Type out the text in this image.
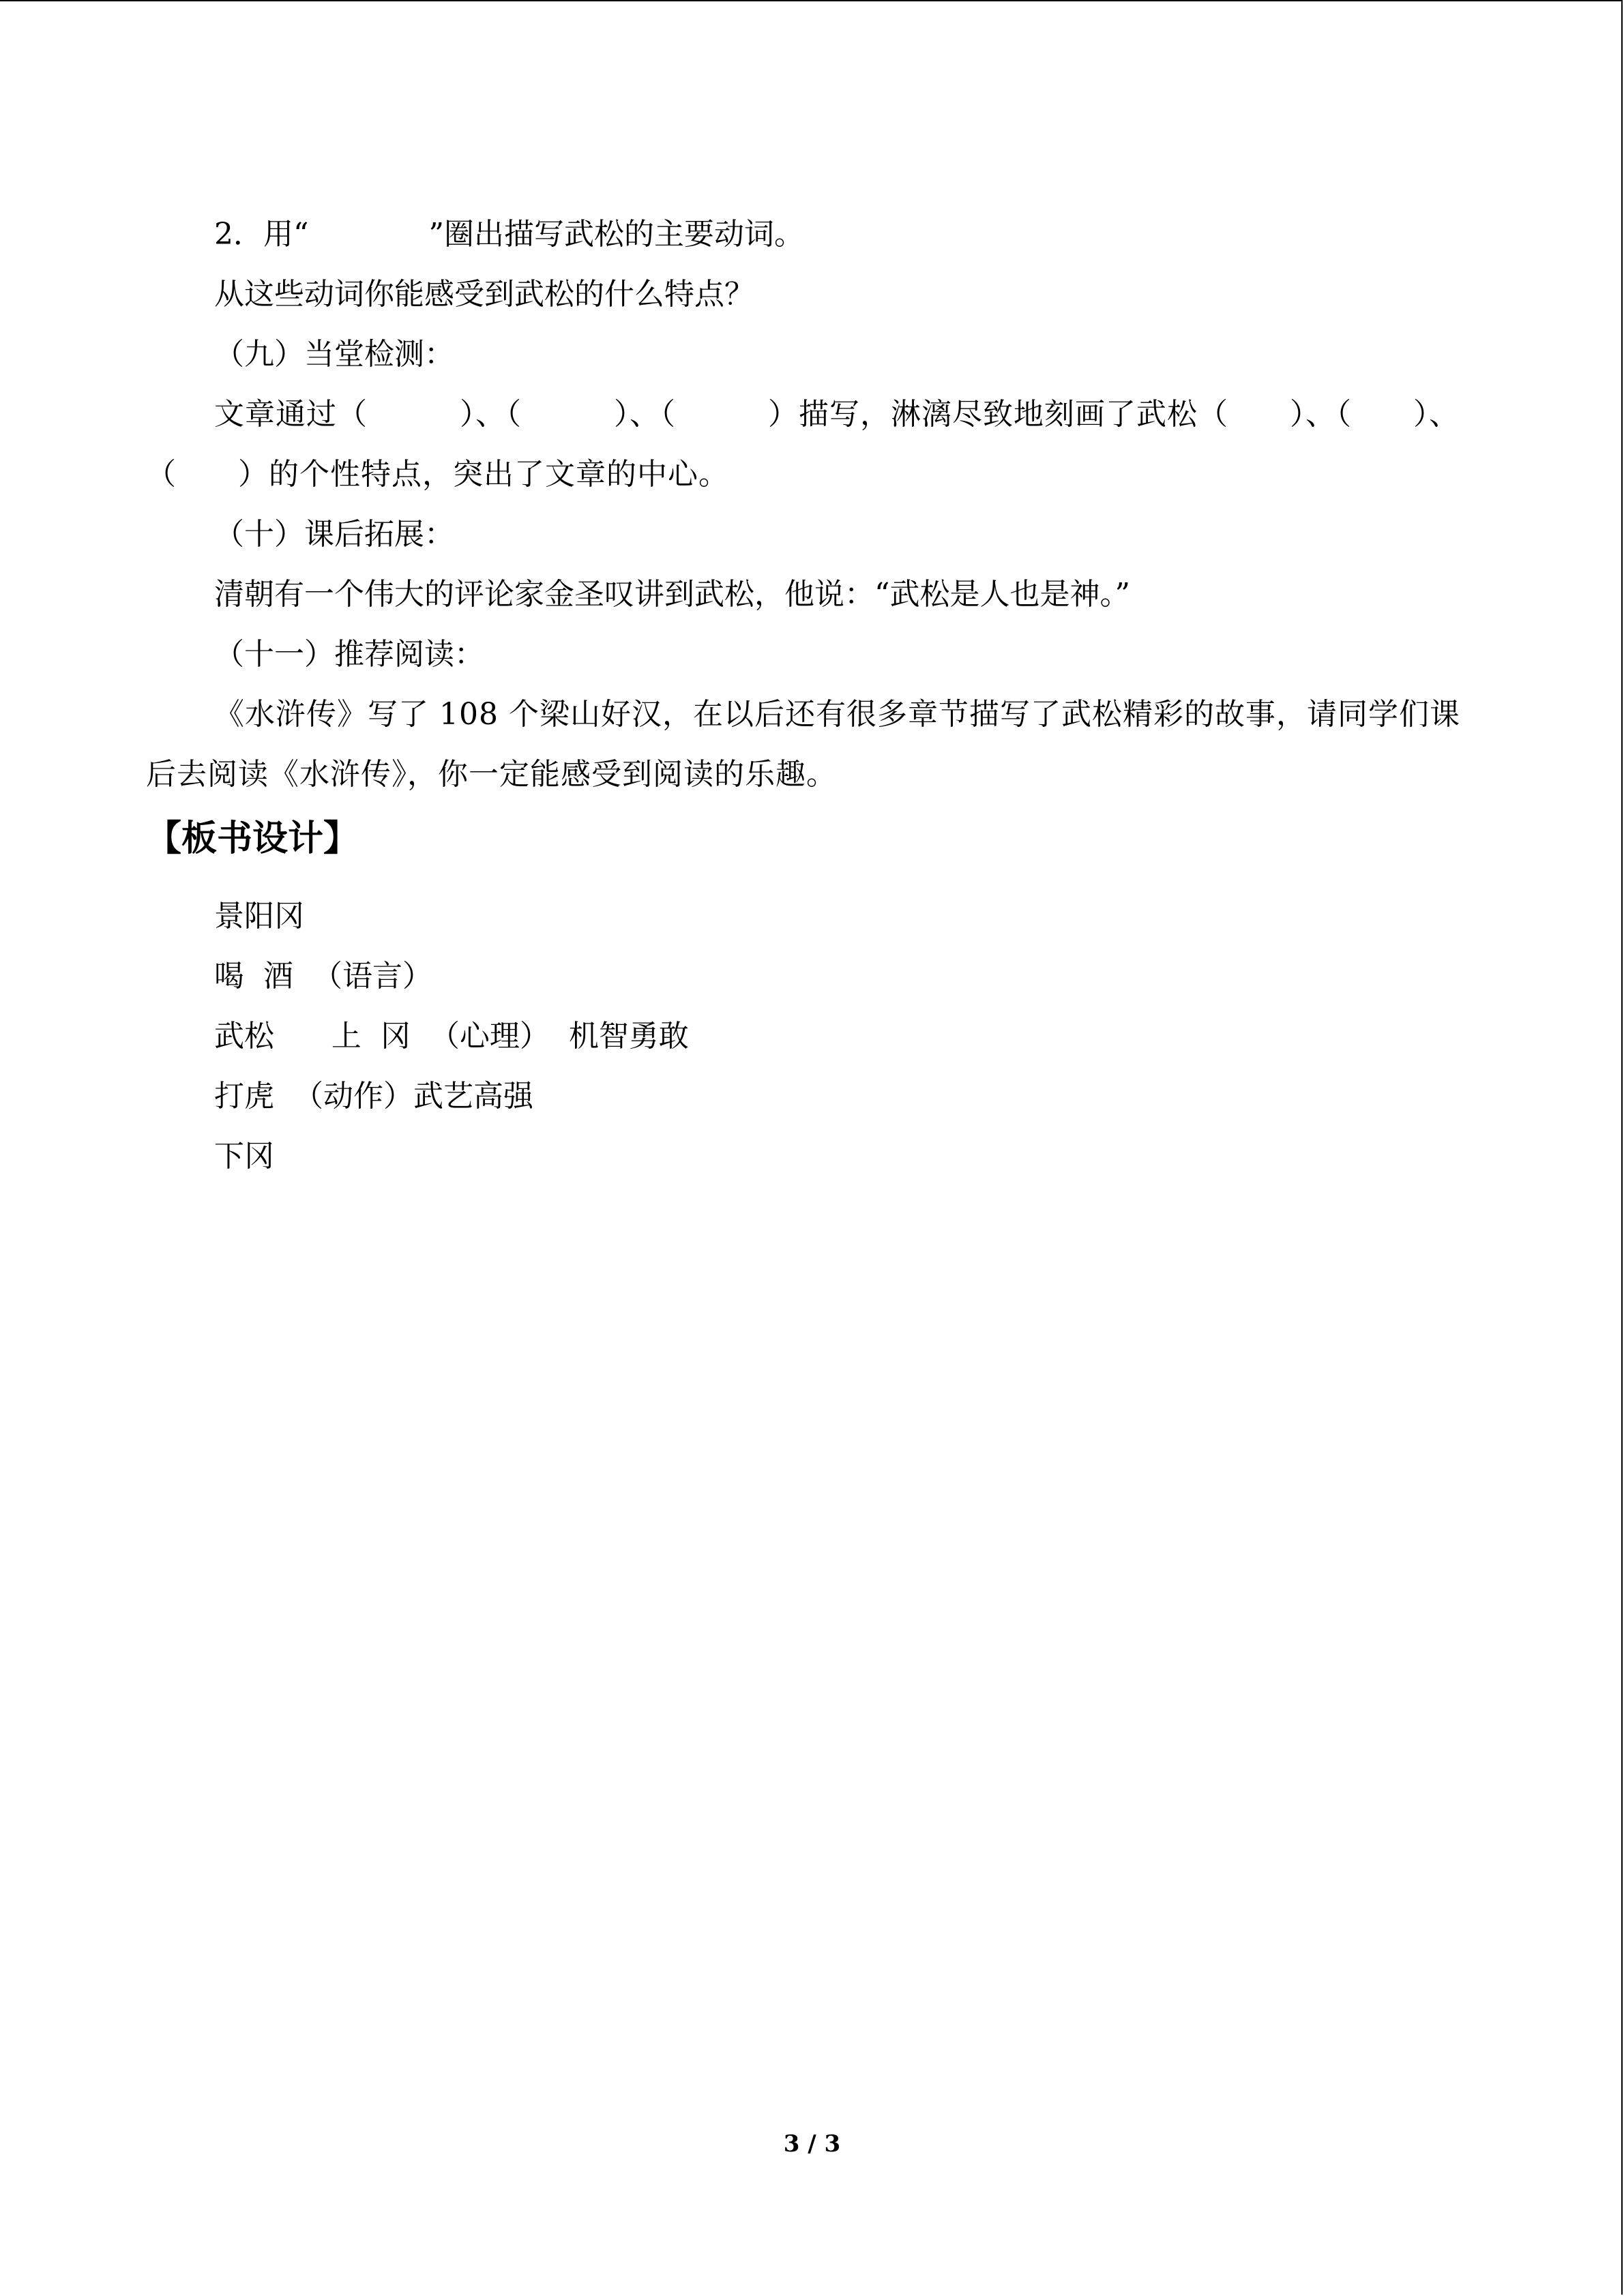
2．用“　　　　”圈出描写武松的主要动词。
从这些动词你能感受到武松的什么特点？
（九）当堂检测：
文章通过（　　　）、（　　　）、（　　　）描写，淋漓尽致地刻画了武松（　　）、（　　）、（　　）的个性特点，突出了文章的中心。
（十）课后拓展：
清朝有一个伟大的评论家金圣叹讲到武松，他说：“武松是人也是神。”
（十一）推荐阅读：
《水浒传》写了 108 个梁山好汉，在以后还有很多章节描写了武松精彩的故事，请同学们课后去阅读《水浒传》，你一定能感受到阅读的乐趣。
【板书设计】
景阳冈
喝  酒  （语言）
武松      上  冈  （心理）  机智勇敢
打虎  （动作）武艺高强
下冈
3 / 3
